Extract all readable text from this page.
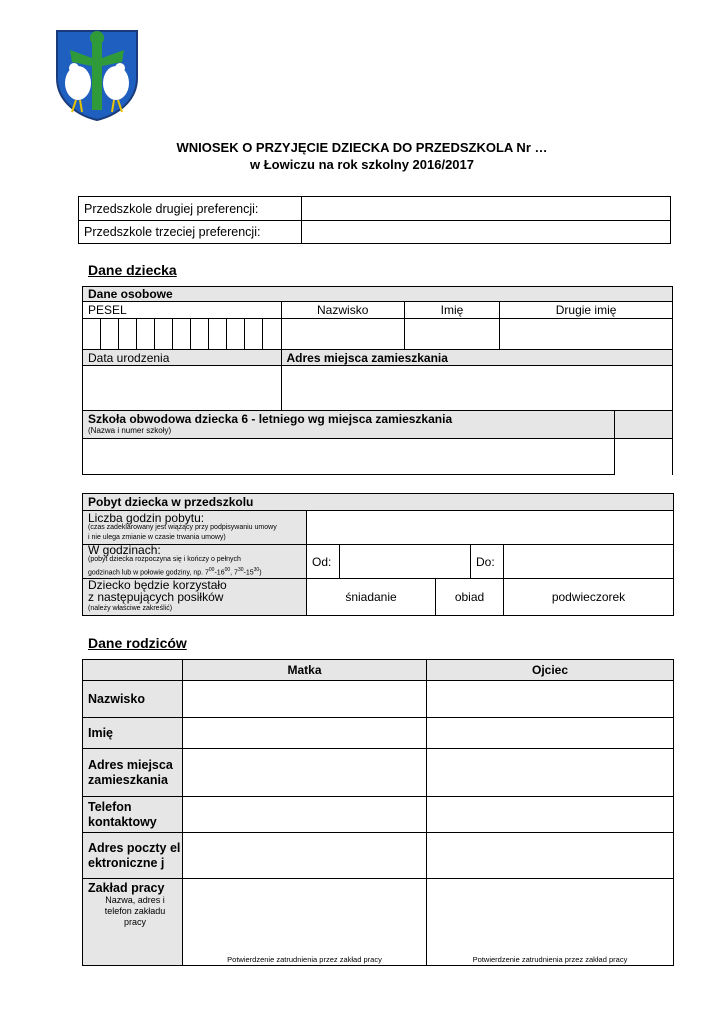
WNIOSEK O PRZYJĘCIE DZIECKA DO PRZEDSZKOLA Nr …
w Łowiczu na rok szkolny 2016/2017
Przedszkole drugiej preferencji:	
Przedszkole trzeciej preferencji:	
Dane dziecka
Dane osobowe														
PESEL											Nazwisko	Imię	Drugie imię	

Data urodzenia											Adres miejsca zamieszkania			

Szkoła obwodowa dziecka 6 - letniego wg miejsca zamieszkania
(Nazwa i numer szkoły)														

Pobyt dziecka w przedszkolu					

Liczba godzin pobytu:
(czas zadeklarowany jest wiążący przy podpisywaniu umowy
i nie ulega zmianie w czasie trwania umowy)					

W godzinach:
(pobyt dziecka rozpoczyna się i kończy o pełnych
godzinach lub w połowie godziny, np. $7^{00}-16^{00}$, $7^{30}-15^{30}$)	Od:			Do:	

Dziecko będzie korzystało
z następujących posiłków
(należy właściwe zakreślić)	śniadanie		obiad		podwieczorek
Dane rodziców
	Matka	Ojciec
Nazwisko		
Imię		
Adres miejsca zamieszkania		
Telefon kontaktowy		
Adres poczty elektroniczne j		

Zakład pracy
Nazwa, adres i telefon zakładu pracy	Potwierdzenie zatrudnienia przez zakład pracy	Potwierdzenie zatrudnienia przez zakład pracy
